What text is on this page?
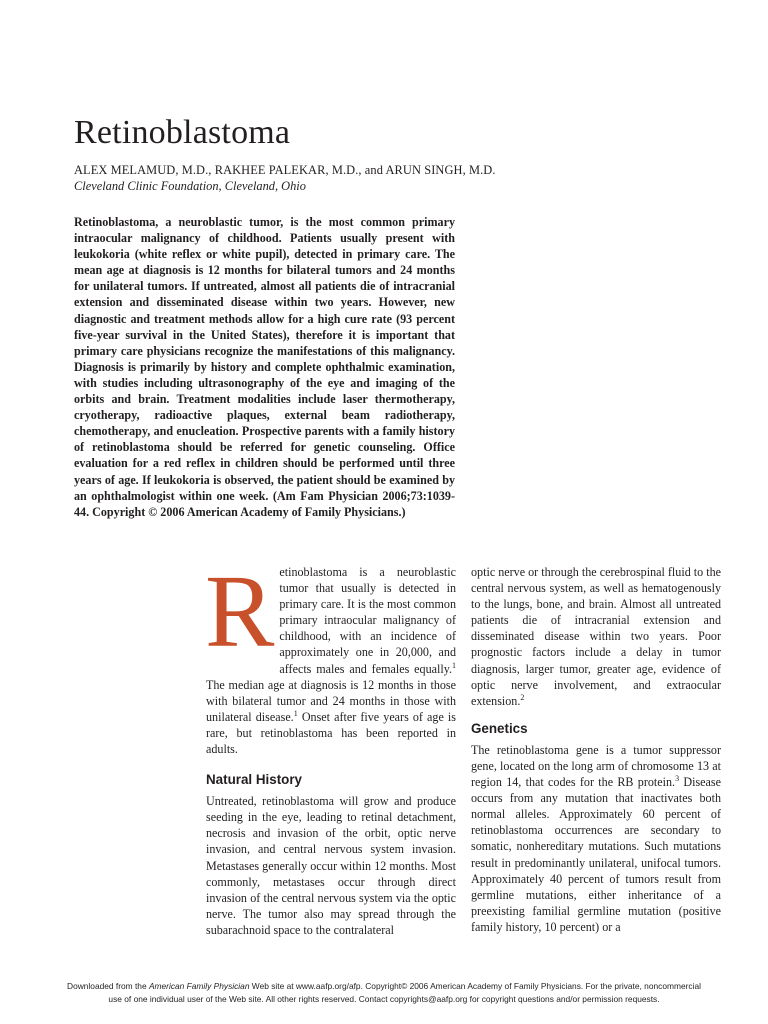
Retinoblastoma
ALEX MELAMUD, M.D., RAKHEE PALEKAR, M.D., and ARUN SINGH, M.D.
Cleveland Clinic Foundation, Cleveland, Ohio

Retinoblastoma, a neuroblastic tumor, is the most common primary intraocular malignancy of childhood. Patients usually present with leukokoria (white reflex or white pupil), detected in primary care. The mean age at diagnosis is 12 months for bilateral tumors and 24 months for unilateral tumors. If untreated, almost all patients die of intracranial extension and disseminated disease within two years. However, new diagnostic and treatment methods allow for a high cure rate (93 percent five-year survival in the United States), therefore it is important that primary care physicians recognize the manifestations of this malignancy. Diagnosis is primarily by history and complete ophthalmic examination, with studies including ultrasonography of the eye and imaging of the orbits and brain. Treatment modalities include laser thermotherapy, cryotherapy, radioactive plaques, external beam radiotherapy, chemotherapy, and enucleation. Prospective parents with a family history of retinoblastoma should be referred for genetic counseling. Office evaluation for a red reflex in children should be performed until three years of age. If leukokoria is observed, the patient should be examined by an ophthalmologist within one week. (Am Fam Physician 2006;73:1039-44. Copyright © 2006 American Academy of Family Physicians.)

Retinoblastoma is a neuroblastic tumor that usually is detected in primary care. It is the most common primary intraocular malignancy of childhood, with an incidence of approximately one in 20,000, and affects males and females equally.$^1$ The median age at diagnosis is 12 months in those with bilateral tumor and 24 months in those with unilateral disease.$^1$ Onset after five years of age is rare, but retinoblastoma has been reported in adults.

Natural History

Untreated, retinoblastoma will grow and produce seeding in the eye, leading to retinal detachment, necrosis and invasion of the orbit, optic nerve invasion, and central nervous system invasion. Metastases generally occur within 12 months. Most commonly, metastases occur through direct invasion of the central nervous system via the optic nerve. The tumor also may spread through the subarachnoid space to the contralateral

optic nerve or through the cerebrospinal fluid to the central nervous system, as well as hematogenously to the lungs, bone, and brain. Almost all untreated patients die of intracranial extension and disseminated disease within two years. Poor prognostic factors include a delay in tumor diagnosis, larger tumor, greater age, evidence of optic nerve involvement, and extraocular extension.$^2$

Genetics

The retinoblastoma gene is a tumor suppressor gene, located on the long arm of chromosome 13 at region 14, that codes for the RB protein.$^3$ Disease occurs from any mutation that inactivates both normal alleles. Approximately 60 percent of retinoblastoma occurrences are secondary to somatic, nonhereditary mutations. Such mutations result in predominantly unilateral, unifocal tumors. Approximately 40 percent of tumors result from germline mutations, either inheritance of a preexisting familial germline mutation (positive family history, 10 percent) or a

Downloaded from the American Family Physician Web site at www.aafp.org/afp. Copyright© 2006 American Academy of Family Physicians. For the private, noncommercial
use of one individual user of the Web site. All other rights reserved. Contact copyrights@aafp.org for copyright questions and/or permission requests.
